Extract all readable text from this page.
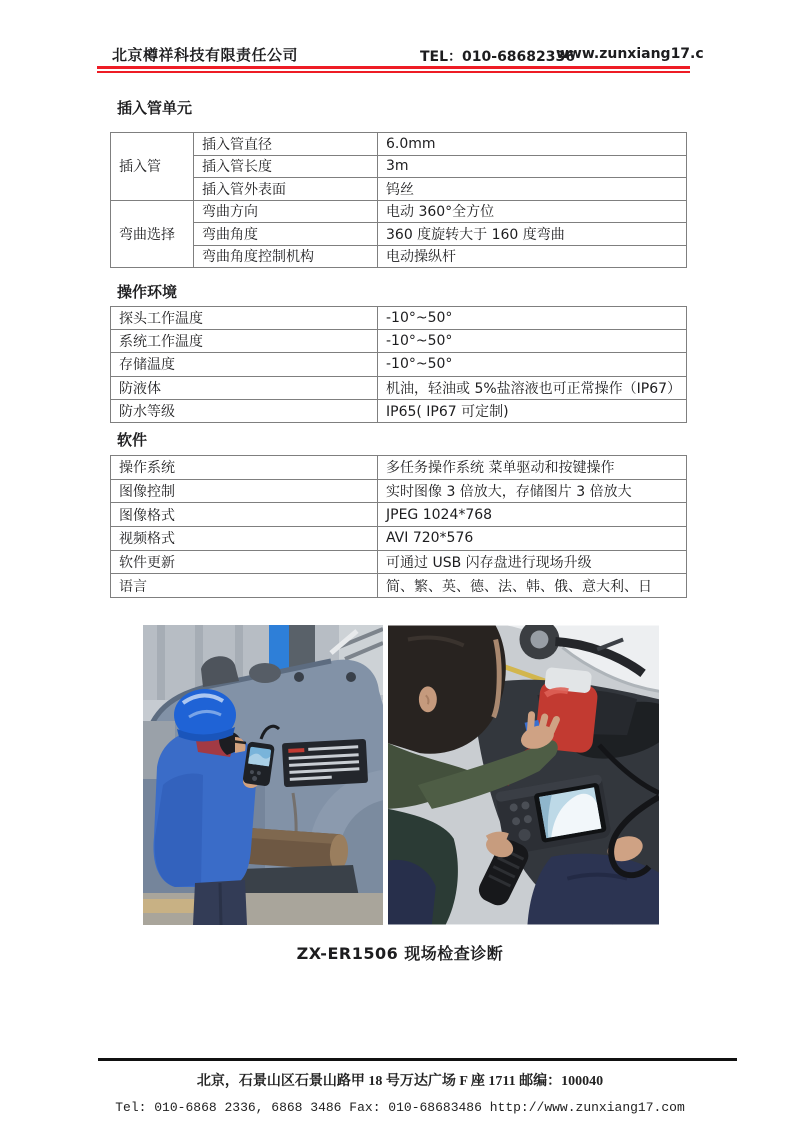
北京樽祥科技有限责任公司	TEL：010-68682336
www.zunxiang17.c
插入管单元
插入管	插入管直径	6.0mm
	插入管长度	3m
	插入管外表面	钨丝
弯曲选择	弯曲方向	电动 360°全方位
	弯曲角度	360 度旋转大于 160 度弯曲
	弯曲角度控制机构	电动操纵杆
操作环境
探头工作温度	-10°~50°
系统工作温度	-10°~50°
存储温度	-10°~50°
防液体	机油，轻油或 5%盐溶液也可正常操作（IP67）
防水等级	IP65( IP67 可定制)
软件
操作系统	多任务操作系统 菜单驱动和按键操作
图像控制	实时图像 3 倍放大，存储图片 3 倍放大
图像格式	JPEG 1024*768
视频格式	AVI 720*576
软件更新	可通过 USB 闪存盘进行现场升级
语言	简、繁、英、德、法、韩、俄、意大利、日
ZX-ER1506 现场检查诊断
北京，石景山区石景山路甲 18 号万达广场 F 座 1711 邮编：100040
Tel: 010-6868 2336, 6868 3486 Fax: 010-68683486 http://www.zunxiang17.com
